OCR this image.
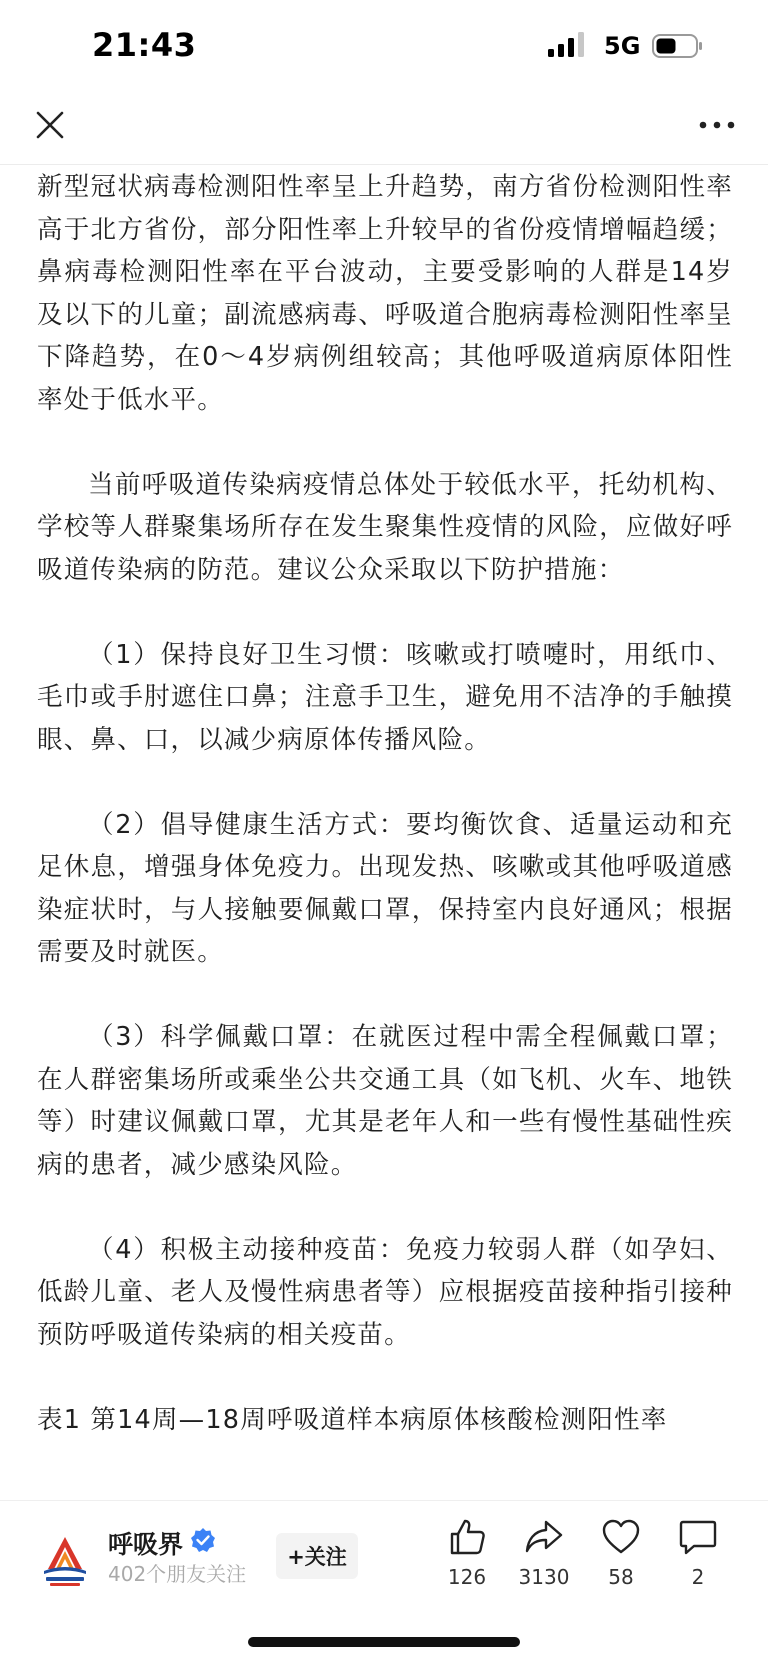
21:43	5G

新型冠状病毒检测阳性率呈上升趋势，南方省份检测阳性率高于北方省份，部分阳性率上升较早的省份疫情增幅趋缓；鼻病毒检测阳性率在平台波动，主要受影响的人群是14岁及以下的儿童；副流感病毒、呼吸道合胞病毒检测阳性率呈下降趋势，在0～4岁病例组较高；其他呼吸道病原体阳性率处于低水平。

当前呼吸道传染病疫情总体处于较低水平，托幼机构、学校等人群聚集场所存在发生聚集性疫情的风险，应做好呼吸道传染病的防范。建议公众采取以下防护措施：

（1）保持良好卫生习惯：咳嗽或打喷嚏时，用纸巾、毛巾或手肘遮住口鼻；注意手卫生，避免用不洁净的手触摸眼、鼻、口，以减少病原体传播风险。

（2）倡导健康生活方式：要均衡饮食、适量运动和充足休息，增强身体免疫力。出现发热、咳嗽或其他呼吸道感染症状时，与人接触要佩戴口罩，保持室内良好通风；根据需要及时就医。

（3）科学佩戴口罩：在就医过程中需全程佩戴口罩；在人群密集场所或乘坐公共交通工具（如飞机、火车、地铁等）时建议佩戴口罩，尤其是老年人和一些有慢性基础性疾病的患者，减少感染风险。

（4）积极主动接种疫苗：免疫力较弱人群（如孕妇、低龄儿童、老人及慢性病患者等）应根据疫苗接种指引接种预防呼吸道传染病的相关疫苗。

表1 第14周—18周呼吸道样本病原体核酸检测阳性率

呼吸界
402个朋友关注
+关注
126	3130	58	2
